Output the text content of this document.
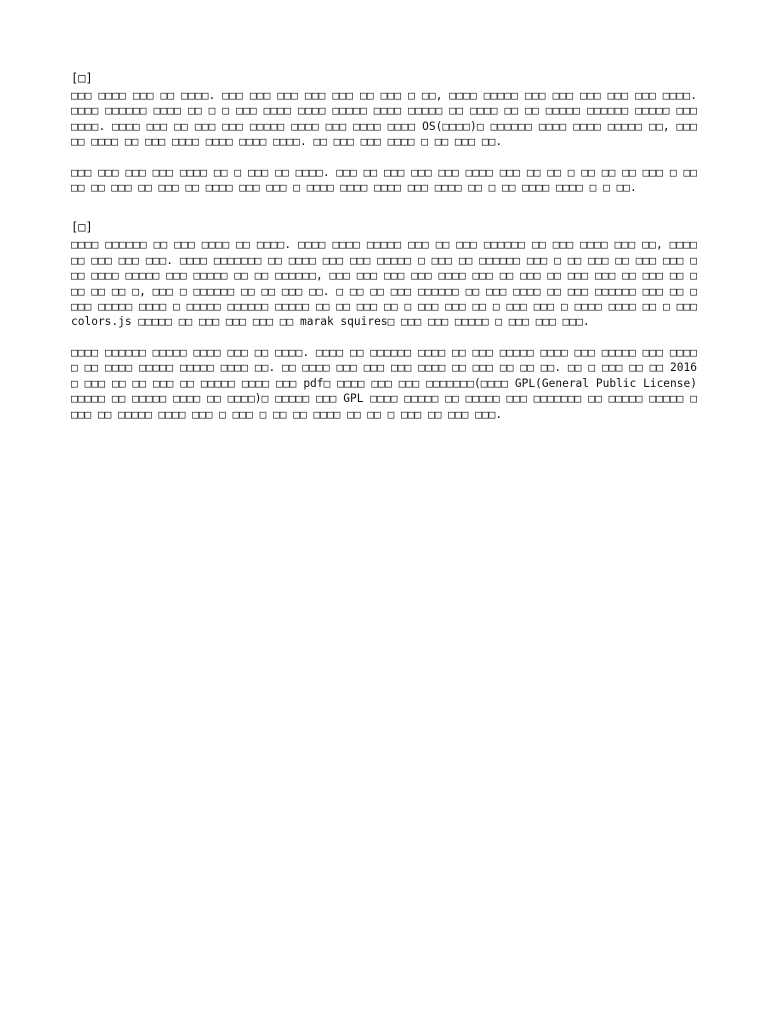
[□]

□□□ □□□□ □□□ □□ □□□□. □□□ □□□ □□□ □□□ □□□ □□ □□□ □ □□, □□□□ □□□□□ □□□ □□□ □□□ □□□ □□□ □□□□. □□□□ □□□□□□ □□□□ □□ □ □ □□□ □□□□ □□□□ □□□□□ □□□□ □□□□□ □□ □□□□ □□ □□ □□□□□ □□□□□□ □□□□□ □□□ □□□□. □□□□ □□□ □□ □□□ □□□ □□□□□ □□□□ □□□ □□□□ □□□□ OS(□□□□)□ □□□□□□ □□□□ □□□□ □□□□□ □□, □□□ □□ □□□□ □□ □□□ □□□□ □□□□ □□□□ □□□□. □□ □□□ □□□ □□□□ □ □□ □□□ □□.

□□□ □□□ □□□ □□□ □□□□ □□ □ □□□ □□ □□□□. □□□ □□ □□□ □□□ □□□ □□□□ □□□ □□ □□ □ □□ □□ □□ □□□ □ □□□□ □□ □□□ □□ □□□ □□ □□□□ □□□ □□□ □ □□□□ □□□□ □□□□ □□□ □□□□ □□ □ □□ □□□□ □□□□ □ □ □□.

[□]

□□□□ □□□□□□ □□ □□□ □□□□ □□ □□□□. □□□□ □□□□ □□□□□ □□□ □□ □□□ □□□□□□ □□ □□□ □□□□ □□□ □□, □□□□ □□ □□□ □□□ □□□. □□□□ □□□□□□□ □□ □□□□ □□□ □□□ □□□□□ □ □□□ □□ □□□□□□ □□□ □ □□ □□□ □□ □□□ □□□ □□□ □□□□ □□□□□ □□□ □□□□□ □□ □□ □□□□□□, □□□ □□□ □□□ □□□ □□□□ □□□ □□ □□□ □□ □□□ □□□ □□ □□□ □□ □ □□ □□ □□ □, □□□ □ □□□□□□ □□ □□ □□□ □□. □ □□ □□ □□□ □□□□□□ □□ □□□ □□□□ □□ □□□ □□□□□□ □□□ □□ □□□□ □□□□□ □□□□ □ □□□□□ □□□□□□ □□□□□ □□ □□ □□□ □□ □ □□□ □□□ □□ □ □□□ □□□ □ □□□□ □□□□ □□ □ □□□ colors.js □□□□□ □□ □□□ □□□ □□□ □□ marak squires□ □□□ □□□ □□□□□ □ □□□ □□□ □□□.

□□□□ □□□□□□ □□□□□ □□□□ □□□ □□ □□□□. □□□□ □□ □□□□□□ □□□□ □□ □□□ □□□□□ □□□□ □□□ □□□□□ □□□ □□□□□ □□ □□□□ □□□□□ □□□□□ □□□□ □□. □□ □□□□ □□□ □□□ □□□ □□□□ □□ □□□ □□ □□ □□. □□ □ □□□ □□ □□ 2016□ □□□ □□ □□ □□□ □□ □□□□□ □□□□ □□□ pdf□ □□□□ □□□ □□□ □□□□□□□(□□□□ GPL(General Public License) □□□□□ □□ □□□□□ □□□□ □□ □□□□)□ □□□□□ □□□ GPL □□□□ □□□□□ □□ □□□□□ □□□ □□□□□□□ □□ □□□□□ □□□□□ □□□□ □□ □□□□□ □□□□ □□□ □ □□□ □ □□ □□ □□□□ □□ □□ □ □□□ □□ □□□ □□□.
